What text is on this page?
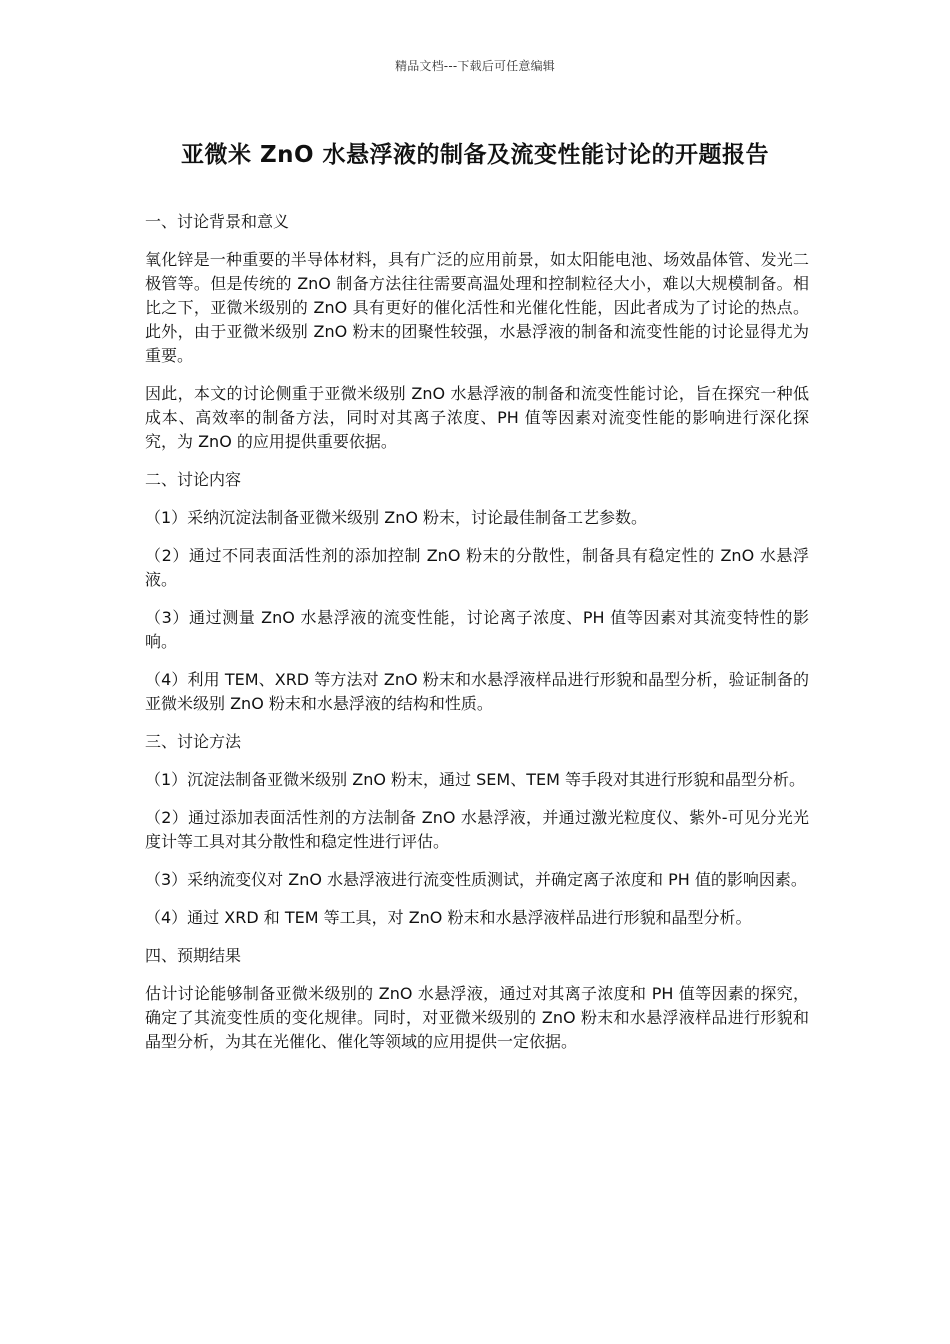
精品文档---下载后可任意编辑
亚微米 ZnO 水悬浮液的制备及流变性能讨论的开题报告

一、讨论背景和意义

氧化锌是一种重要的半导体材料，具有广泛的应用前景，如太阳能电池、场效晶体管、发光二极管等。但是传统的 ZnO 制备方法往往需要高温处理和控制粒径大小，难以大规模制备。相比之下，亚微米级别的 ZnO 具有更好的催化活性和光催化性能，因此者成为了讨论的热点。此外，由于亚微米级别 ZnO 粉末的团聚性较强，水悬浮液的制备和流变性能的讨论显得尤为重要。

因此，本文的讨论侧重于亚微米级别 ZnO 水悬浮液的制备和流变性能讨论，旨在探究一种低成本、高效率的制备方法，同时对其离子浓度、PH 值等因素对流变性能的影响进行深化探究，为 ZnO 的应用提供重要依据。

二、讨论内容

（1）采纳沉淀法制备亚微米级别 ZnO 粉末，讨论最佳制备工艺参数。

（2）通过不同表面活性剂的添加控制 ZnO 粉末的分散性，制备具有稳定性的 ZnO 水悬浮液。

（3）通过测量 ZnO 水悬浮液的流变性能，讨论离子浓度、PH 值等因素对其流变特性的影响。

（4）利用 TEM、XRD 等方法对 ZnO 粉末和水悬浮液样品进行形貌和晶型分析，验证制备的亚微米级别 ZnO 粉末和水悬浮液的结构和性质。

三、讨论方法

（1）沉淀法制备亚微米级别 ZnO 粉末，通过 SEM、TEM 等手段对其进行形貌和晶型分析。

（2）通过添加表面活性剂的方法制备 ZnO 水悬浮液，并通过激光粒度仪、紫外-可见分光光度计等工具对其分散性和稳定性进行评估。

（3）采纳流变仪对 ZnO 水悬浮液进行流变性质测试，并确定离子浓度和 PH 值的影响因素。

（4）通过 XRD 和 TEM 等工具，对 ZnO 粉末和水悬浮液样品进行形貌和晶型分析。

四、预期结果

估计讨论能够制备亚微米级别的 ZnO 水悬浮液，通过对其离子浓度和 PH 值等因素的探究，确定了其流变性质的变化规律。同时，对亚微米级别的 ZnO 粉末和水悬浮液样品进行形貌和晶型分析，为其在光催化、催化等领域的应用提供一定依据。
